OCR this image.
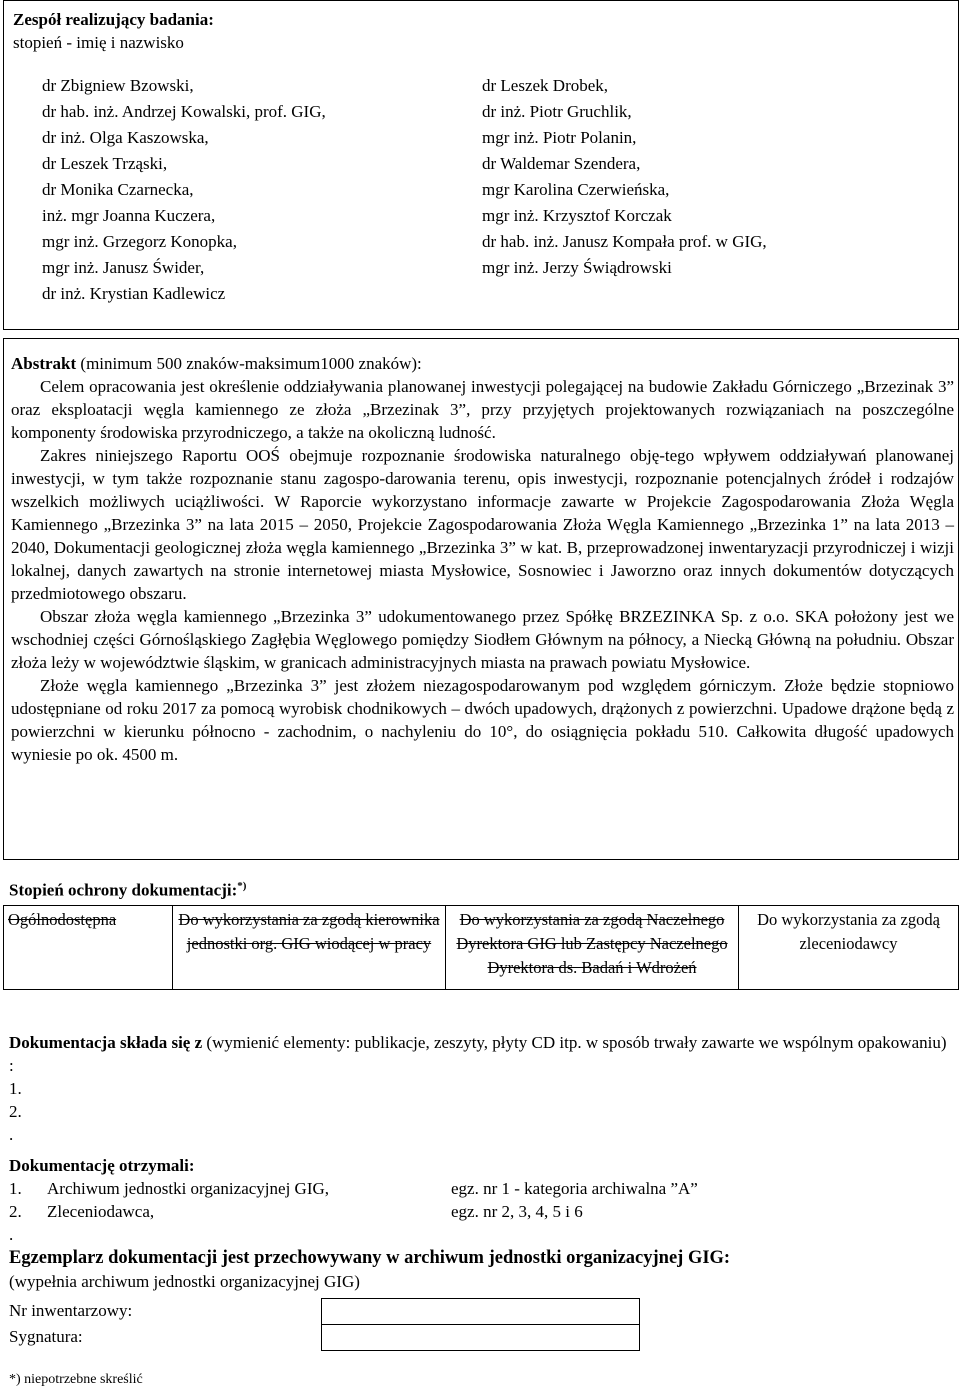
Zespół realizujący badania:
stopień - imię i nazwisko
dr Zbigniew Bzowski,
dr hab. inż. Andrzej Kowalski, prof. GIG,
dr inż. Olga Kaszowska,
dr Leszek Trząski,
dr Monika Czarnecka,
inż. mgr Joanna Kuczera,
mgr inż. Grzegorz Konopka,
mgr inż. Janusz Świder,
dr inż. Krystian Kadlewicz
dr Leszek Drobek,
dr inż. Piotr Gruchlik,
mgr inż. Piotr Polanin,
dr Waldemar Szendera,
mgr Karolina Czerwieńska,
mgr inż. Krzysztof Korczak
dr hab. inż. Janusz Kompała prof. w GIG,
mgr inż. Jerzy Świądrowski

Abstrakt (minimum 500 znaków-maksimum1000 znaków):

Celem opracowania jest określenie oddziaływania planowanej inwestycji polegającej na budowie Zakładu Górniczego „Brzezinak 3” oraz eksploatacji węgla kamiennego ze złoża „Brzezinak 3”, przy przyjętych projektowanych rozwiązaniach na poszczególne komponenty środowiska przyrodniczego, a także na okoliczną ludność.

Zakres niniejszego Raportu OOŚ obejmuje rozpoznanie środowiska naturalnego obję-tego wpływem oddziaływań planowanej inwestycji, w tym także rozpoznanie stanu zagospo-darowania terenu, opis inwestycji, rozpoznanie potencjalnych źródeł i rodzajów wszelkich możliwych uciążliwości. W Raporcie wykorzystano informacje zawarte w Projekcie Zagospodarowania Złoża Węgla Kamiennego „Brzezinka 3” na lata 2015 – 2050, Projekcie Zagospodarowania Złoża Węgla Kamiennego „Brzezinka 1” na lata 2013 – 2040, Dokumentacji geologicznej złoża węgla kamiennego „Brzezinka 3” w kat. B, przeprowadzonej inwentaryzacji przyrodniczej i wizji lokalnej, danych zawartych na stronie internetowej miasta Mysłowice, Sosnowiec i Jaworzno oraz innych dokumentów dotyczących przedmiotowego obszaru.

Obszar złoża węgla kamiennego „Brzezinka 3” udokumentowanego przez Spółkę BRZEZINKA Sp. z o.o. SKA położony jest we wschodniej części Górnośląskiego Zagłębia Węglowego pomiędzy Siodłem Głównym na północy, a Niecką Główną na południu. Obszar złoża leży w województwie śląskim, w granicach administracyjnych miasta na prawach powiatu Mysłowice.

Złoże węgla kamiennego „Brzezinka 3” jest złożem niezagospodarowanym pod względem górniczym. Złoże będzie stopniowo udostępniane od roku 2017 za pomocą wyrobisk chodnikowych – dwóch upadowych, drążonych z powierzchni. Upadowe drążone będą z powierzchni w kierunku północno - zachodnim, o nachyleniu do 10°, do osiągnięcia pokładu 510. Całkowita długość upadowych wyniesie po ok. 4500 m.

Stopień ochrony dokumentacji:*)
Ogólnodostępna	Do wykorzystania za zgodą kierownika jednostki org. GIG wiodącej w pracy	Do wykorzystania za zgodą Naczelnego Dyrektora GIG lub Zastępcy Naczelnego Dyrektora ds. Badań i Wdrożeń	Do wykorzystania za zgodą zleceniodawcy
Dokumentacja składa się z (wymienić elementy: publikacje, zeszyty, płyty CD itp. w sposób trwały zawarte we wspólnym opakowaniu) :
1.
2.
.
Dokumentację otrzymali:
1. Archiwum jednostki organizacyjnej GIG,	egz. nr 1 - kategoria archiwalna ”A”
2. Zleceniodawca,	egz. nr 2, 3, 4, 5 i 6
.
Egzemplarz dokumentacji jest przechowywany w archiwum jednostki organizacyjnej GIG:
(wypełnia archiwum jednostki organizacyjnej GIG)
Nr inwentarzowy:
Sygnatura:
*) niepotrzebne skreślić
